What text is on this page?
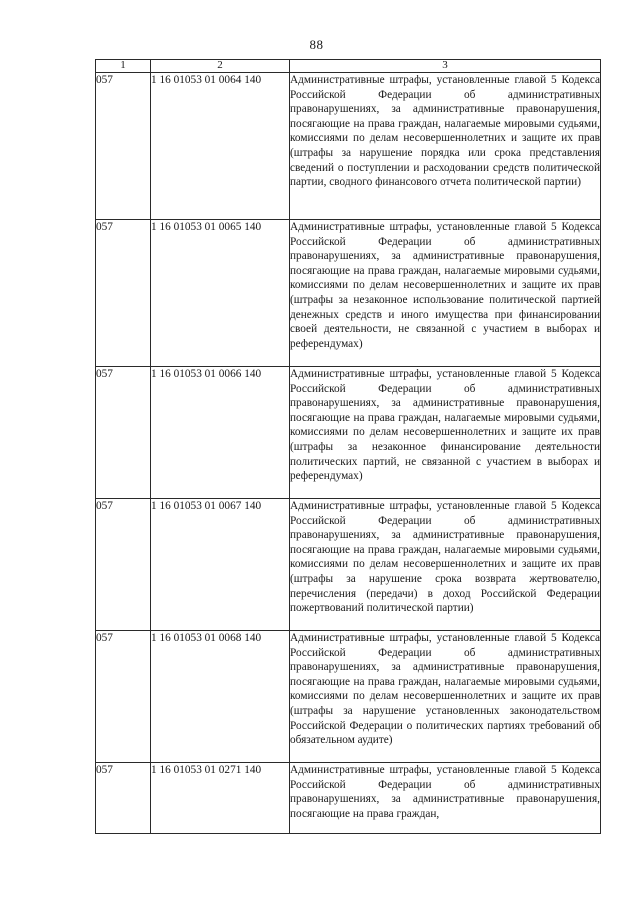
88
1	2	3
057	1 16 01053 01 0064 140	Административные штрафы, установленные главой 5 Кодекса Российской Федерации об административных правонарушениях, за административные правонарушения, посягающие на права граждан, налагаемые мировыми судьями, комиссиями по делам несовершеннолетних и защите их прав (штрафы за нарушение порядка или срока представления сведений о поступлении и расходовании средств политической партии, сводного финансового отчета политической партии)
057	1 16 01053 01 0065 140	Административные штрафы, установленные главой 5 Кодекса Российской Федерации об административных правонарушениях, за административные правонарушения, посягающие на права граждан, налагаемые мировыми судьями, комиссиями по делам несовершеннолетних и защите их прав (штрафы за незаконное использование политической партией денежных средств и иного имущества при финансировании своей деятельности, не связанной с участием в выборах и референдумах)
057	1 16 01053 01 0066 140	Административные штрафы, установленные главой 5 Кодекса Российской Федерации об административных правонарушениях, за административные правонарушения, посягающие на права граждан, налагаемые мировыми судьями, комиссиями по делам несовершеннолетних и защите их прав (штрафы за незаконное финансирование деятельности политических партий, не связанной с участием в выборах и референдумах)
057	1 16 01053 01 0067 140	Административные штрафы, установленные главой 5 Кодекса Российской Федерации об административных правонарушениях, за административные правонарушения, посягающие на права граждан, налагаемые мировыми судьями, комиссиями по делам несовершеннолетних и защите их прав (штрафы за нарушение срока возврата жертвователю, перечисления (передачи) в доход Российской Федерации пожертвований политической партии)
057	1 16 01053 01 0068 140	Административные штрафы, установленные главой 5 Кодекса Российской Федерации об административных правонарушениях, за административные правонарушения, посягающие на права граждан, налагаемые мировыми судьями, комиссиями по делам несовершеннолетних и защите их прав (штрафы за нарушение установленных законодательством Российской Федерации о политических партиях требований об обязательном аудите)
057	1 16 01053 01 0271 140	Административные штрафы, установленные главой 5 Кодекса Российской Федерации об административных правонарушениях, за административные правонарушения, посягающие на права граждан,
